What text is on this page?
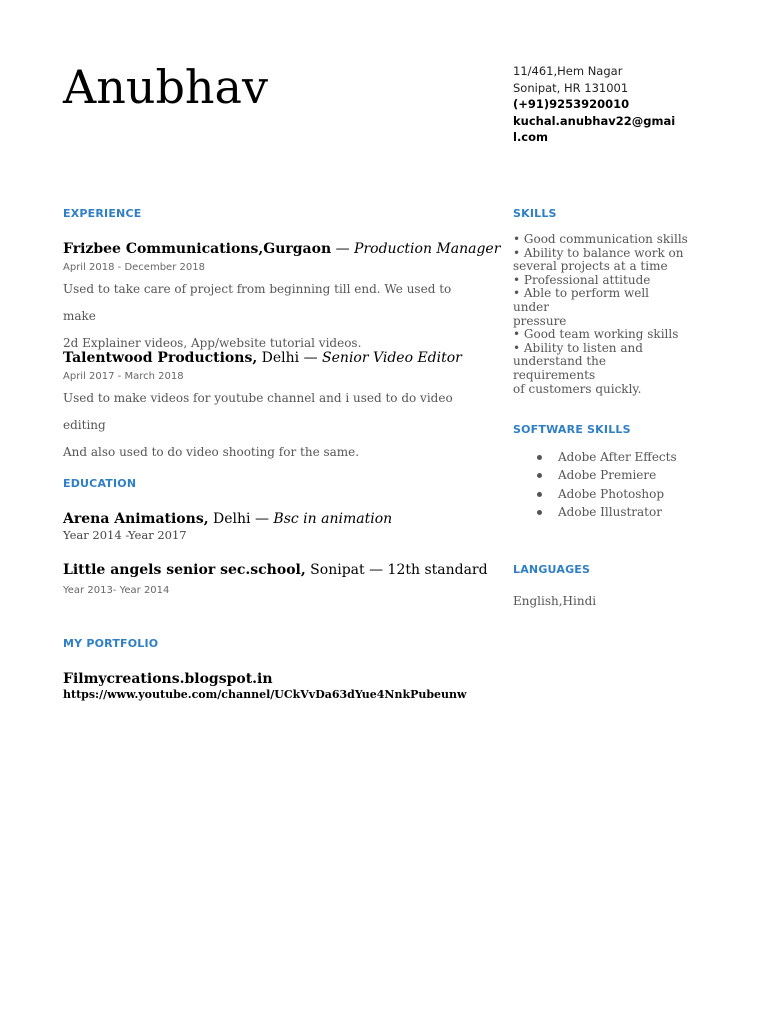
Anubhav	11/461,Hem Nagar
Sonipat, HR 131001
(+91)9253920010
kuchal.anubhav22@gmail.com
EXPERIENCE
Frizbee Communications,Gurgaon — Production Manager
April 2018 - December 2018
Used to take care of project from beginning till end. We used to make
2d Explainer videos, App/website tutorial videos.
Talentwood Productions, Delhi — Senior Video Editor
April 2017 - March 2018
Used to make videos for youtube channel and i used to do video editing
And also used to do video shooting for the same.
EDUCATION
Arena Animations, Delhi — Bsc in animation
Year 2014 -Year 2017
Little angels senior sec.school, Sonipat — 12th standard
Year 2013- Year 2014
MY PORTFOLIO
Filmycreations.blogspot.in
https://www.youtube.com/channel/UCkVvDa63dYue4NnkPubeunw
SKILLS
• Good communication skills
• Ability to balance work on
several projects at a time
• Professional attitude
• Able to perform well under
pressure
• Good team working skills
• Ability to listen and
understand the requirements
of customers quickly.
SOFTWARE SKILLS
Adobe After Effects
Adobe Premiere
Adobe Photoshop
Adobe Illustrator
LANGUAGES
English,Hindi
